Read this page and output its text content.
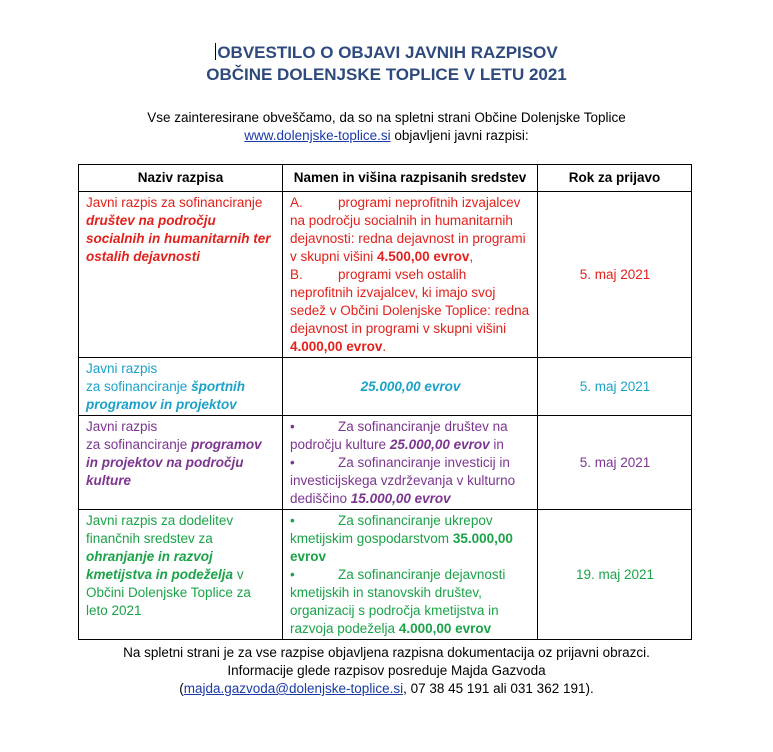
OBVESTILO O OBJAVI JAVNIH RAZPISOV
OBČINE DOLENJSKE TOPLICE V LETU 2021
Vse zainteresirane obveščamo, da so na spletni strani Občine Dolenjske Toplice
www.dolenjske-toplice.si objavljeni javni razpisi:
Naziv razpisa	Namen in višina razpisanih sredstev	Rok za prijavo
Javni razpis za sofinanciranje društev na področju socialnih in humanitarnih ter ostalih dejavnosti	A. programi neprofitnih izvajalcev na področju socialnih in humanitarnih dejavnosti: redna dejavnost in programi v skupni višini 4.500,00 evrov,
B. programi vseh ostalih neprofitnih izvajalcev, ki imajo svoj sedež v Občini Dolenjske Toplice: redna dejavnost in programi v skupni višini 4.000,00 evrov.	5. maj 2021
Javni razpis
za sofinanciranje športnih programov in projektov	25.000,00 evrov	5. maj 2021
Javni razpis
za sofinanciranje programov in projektov na področju kulture	• Za sofinanciranje društev na področju kulture 25.000,00 evrov in
• Za sofinanciranje investicij in investicijskega vzdrževanja v kulturno dediščino 15.000,00 evrov	5. maj 2021
Javni razpis za dodelitev finančnih sredstev za ohranjanje in razvoj kmetijstva in podeželja v Občini Dolenjske Toplice za leto 2021	• Za sofinanciranje ukrepov kmetijskim gospodarstvom 35.000,00 evrov
• Za sofinanciranje dejavnosti kmetijskih in stanovskih društev, organizacij s področja kmetijstva in razvoja podeželja 4.000,00 evrov	19. maj 2021
Na spletni strani je za vse razpise objavljena razpisna dokumentacija oz prijavni obrazci.
Informacije glede razpisov posreduje Majda Gazvoda
(majda.gazvoda@dolenjske-toplice.si, 07 38 45 191 ali 031 362 191).
